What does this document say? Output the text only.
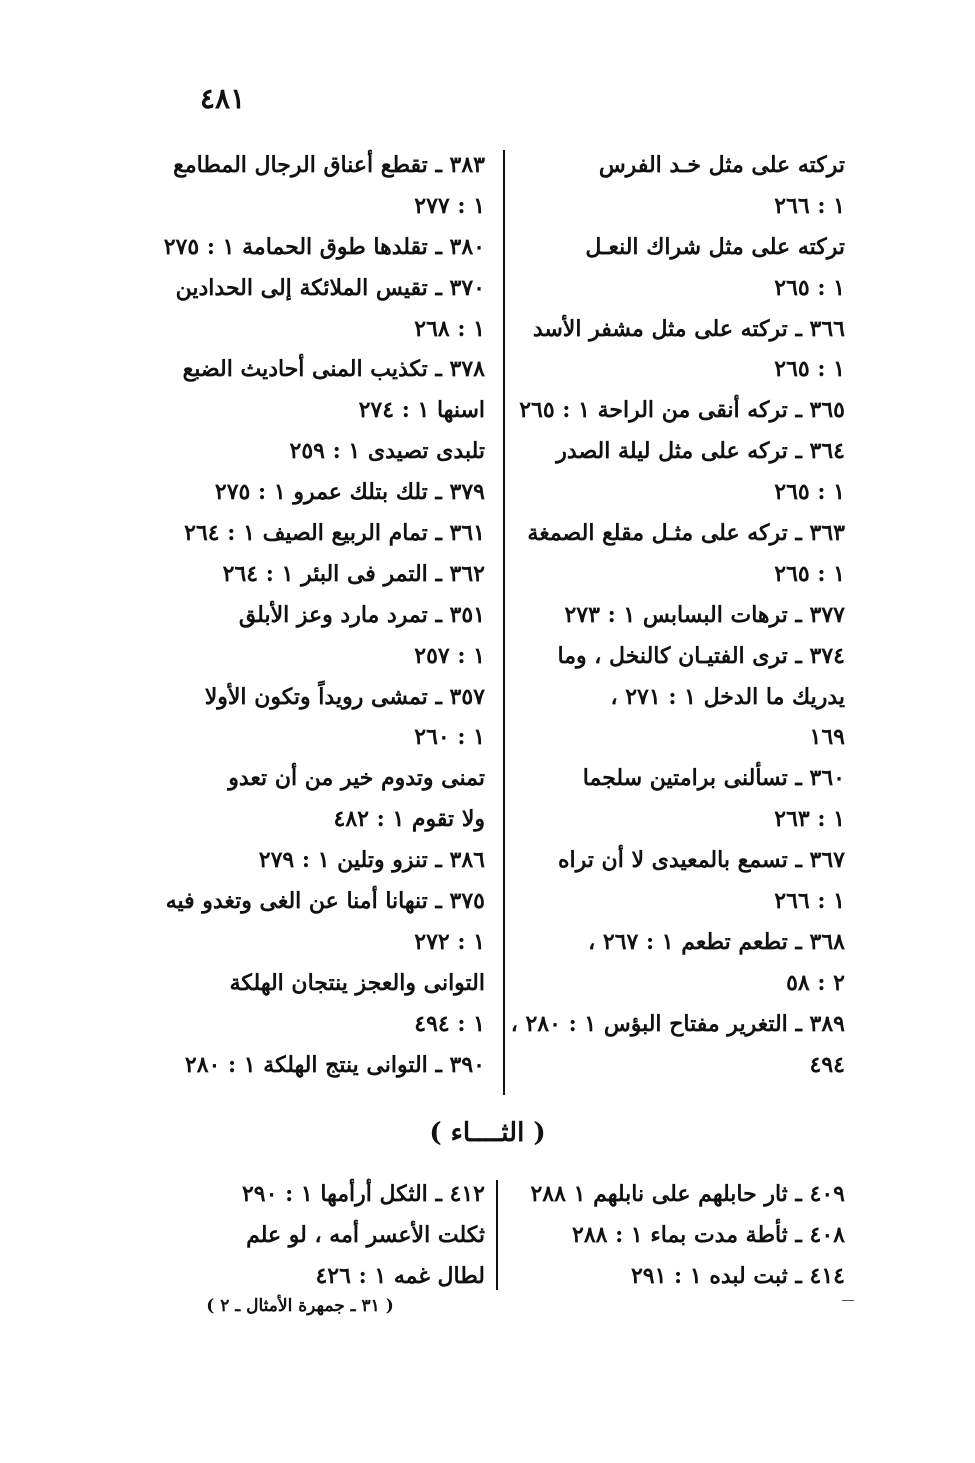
٤٨١
تركته على مثل خـد الفرس
١ : ٢٦٦
تركته على مثل شراك النعـل
١ : ٢٦٥
٣٦٦ ـ تركته على مثل مشفر الأسد
١ : ٢٦٥
٣٦٥ ـ تركه أنقى من الراحة ١ : ٢٦٥
٣٦٤ ـ تركه على مثل ليلة الصدر
١ : ٢٦٥
٣٦٣ ـ تركه على مثـل مقلع الصمغة
١ : ٢٦٥
٣٧٧ ـ ترهات البسابس ١ : ٢٧٣
٣٧٤ ـ ترى الفتيـان كالنخل ، وما
يدريك ما الدخل ١ : ٢٧١ ،
١٦٩
٣٦٠ ـ تسألنى برامتين سلجما
١ : ٢٦٣
٣٦٧ ـ تسمع بالمعيدى لا أن تراه
١ : ٢٦٦
٣٦٨ ـ تطعم تطعم ١ : ٢٦٧ ،
٢ : ٥٨
٣٨٩ ـ التغرير مفتاح البؤس ١ : ٢٨٠ ،
٤٩٤
٣٨٣ ـ تقطع أعناق الرجال المطامع
١ : ٢٧٧
٣٨٠ ـ تقلدها طوق الحمامة ١ : ٢٧٥
٣٧٠ ـ تقيس الملائكة إلى الحدادين
١ : ٢٦٨
٣٧٨ ـ تكذيب المنى أحاديث الضبع
اسنها ١ : ٢٧٤
تلبدى تصيدى ١ : ٢٥٩
٣٧٩ ـ تلك بتلك عمرو ١ : ٢٧٥
٣٦١ ـ تمام الربيع الصيف ١ : ٢٦٤
٣٦٢ ـ التمر فى البئر ١ : ٢٦٤
٣٥١ ـ تمرد مارد وعز الأبلق
١ : ٢٥٧
٣٥٧ ـ تمشى رويداً وتكون الأولا
١ : ٢٦٠
تمنى وتدوم خير من أن تعدو
ولا تقوم ١ : ٤٨٢
٣٨٦ ـ تنزو وتلين ١ : ٢٧٩
٣٧٥ ـ تنهانا أمنا عن الغى وتغدو فيه
١ : ٢٧٢
التوانى والعجز ينتجان الهلكة
١ : ٤٩٤
٣٩٠ ـ التوانى ينتج الهلكة ١ : ٢٨٠
( الثــــاء )
٤٠٩ ـ ثار حابلهم على نابلهم ١ ٢٨٨
٤٠٨ ـ ثأطة مدت بماء ١ : ٢٨٨
٤١٤ ـ ثبت لبده ١ : ٢٩١
٤١٢ ـ الثكل أرأمها ١ : ٢٩٠
ثكلت الأعسر أمه ، لو علم
لطال غمه ١ : ٤٢٦
( ٣١ ـ جمهرة الأمثال ـ ٢ )
